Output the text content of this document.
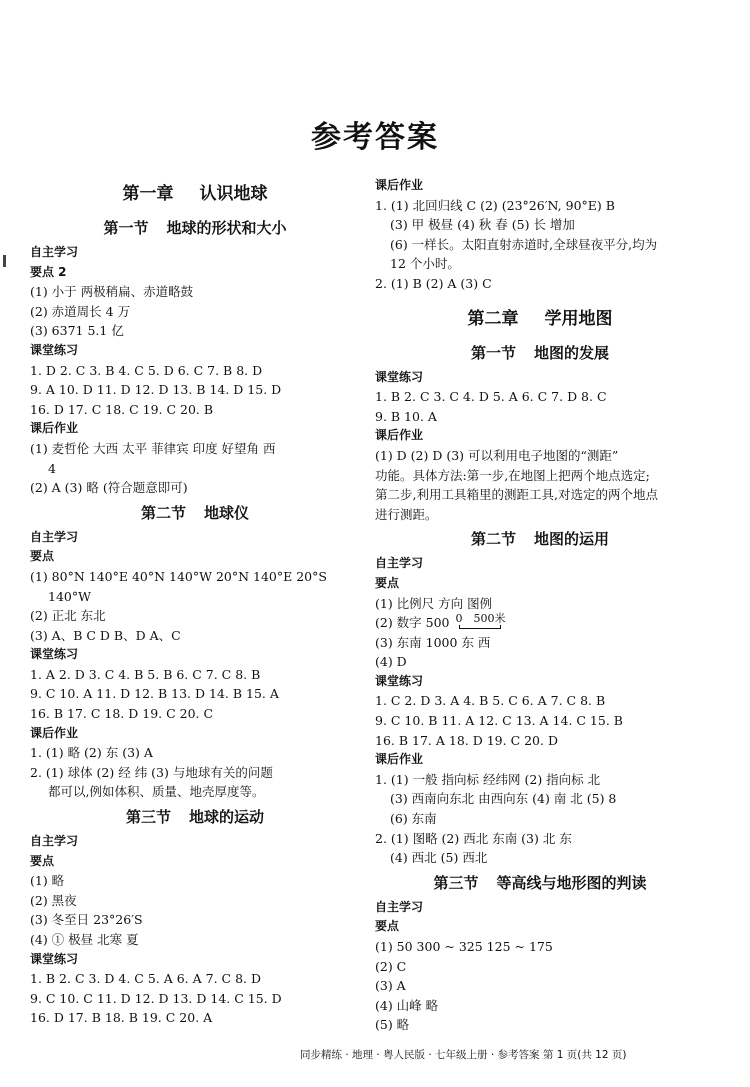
参考答案
第一章 认识地球
第一节 地球的形状和大小
自主学习
要点 2
(1) 小于 两极稍扁、赤道略鼓
(2) 赤道周长 4 万
(3) 6371 5.1 亿
课堂练习
1. D 2. C 3. B 4. C 5. D 6. C 7. B 8. D
9. A 10. D 11. D 12. D 13. B 14. D 15. D
16. D 17. C 18. C 19. C 20. B
课后作业
(1) 麦哲伦 大西 太平 菲律宾 印度 好望角 西
4
(2) A (3) 略 (符合题意即可)
第二节 地球仪
自主学习
要点
(1) 80°N 140°E 40°N 140°W 20°N 140°E 20°S
140°W
(2) 正北 东北
(3) A、B C D B、D A、C
课堂练习
1. A 2. D 3. C 4. B 5. B 6. C 7. C 8. B
9. C 10. A 11. D 12. B 13. D 14. B 15. A
16. B 17. C 18. D 19. C 20. C
课后作业
1. (1) 略 (2) 东 (3) A
2. (1) 球体 (2) 经 纬 (3) 与地球有关的问题
都可以,例如体积、质量、地壳厚度等。
第三节 地球的运动
自主学习
要点
(1) 略
(2) 黑夜
(3) 冬至日 23°26′S
(4) ① 极昼 北寒 夏
课堂练习
1. B 2. C 3. D 4. C 5. A 6. A 7. C 8. D
9. C 10. C 11. D 12. D 13. D 14. C 15. D
16. D 17. B 18. B 19. C 20. A
课后作业
1. (1) 北回归线 C (2) (23°26′N, 90°E) B
(3) 甲 极昼 (4) 秋 春 (5) 长 增加
(6) 一样长。太阳直射赤道时,全球昼夜平分,均为
12 个小时。
2. (1) B (2) A (3) C
第二章 学用地图
第一节 地图的发展
课堂练习
1. B 2. C 3. C 4. D 5. A 6. C 7. D 8. C
9. B 10. A
课后作业
(1) D (2) D (3) 可以利用电子地图的“测距”
功能。具体方法:第一步,在地图上把两个地点选定;
第二步,利用工具箱里的测距工具,对选定的两个地点
进行测距。
第二节 地图的运用
自主学习
要点
(1) 比例尺 方向 图例
(2) 数字 500 0 500米
(3) 东南 1000 东 西
(4) D
课堂练习
1. C 2. D 3. A 4. B 5. C 6. A 7. C 8. B
9. C 10. B 11. A 12. C 13. A 14. C 15. B
16. B 17. A 18. D 19. C 20. D
课后作业
1. (1) 一般 指向标 经纬网 (2) 指向标 北
(3) 西南向东北 由西向东 (4) 南 北 (5) 8
(6) 东南
2. (1) 图略 (2) 西北 东南 (3) 北 东
(4) 西北 (5) 西北
第三节 等高线与地形图的判读
自主学习
要点
(1) 50 300 ~ 325 125 ~ 175
(2) C
(3) A
(4) 山峰 略
(5) 略
同步精练 · 地理 · 粤人民版 · 七年级上册 · 参考答案 第 1 页(共 12 页)
